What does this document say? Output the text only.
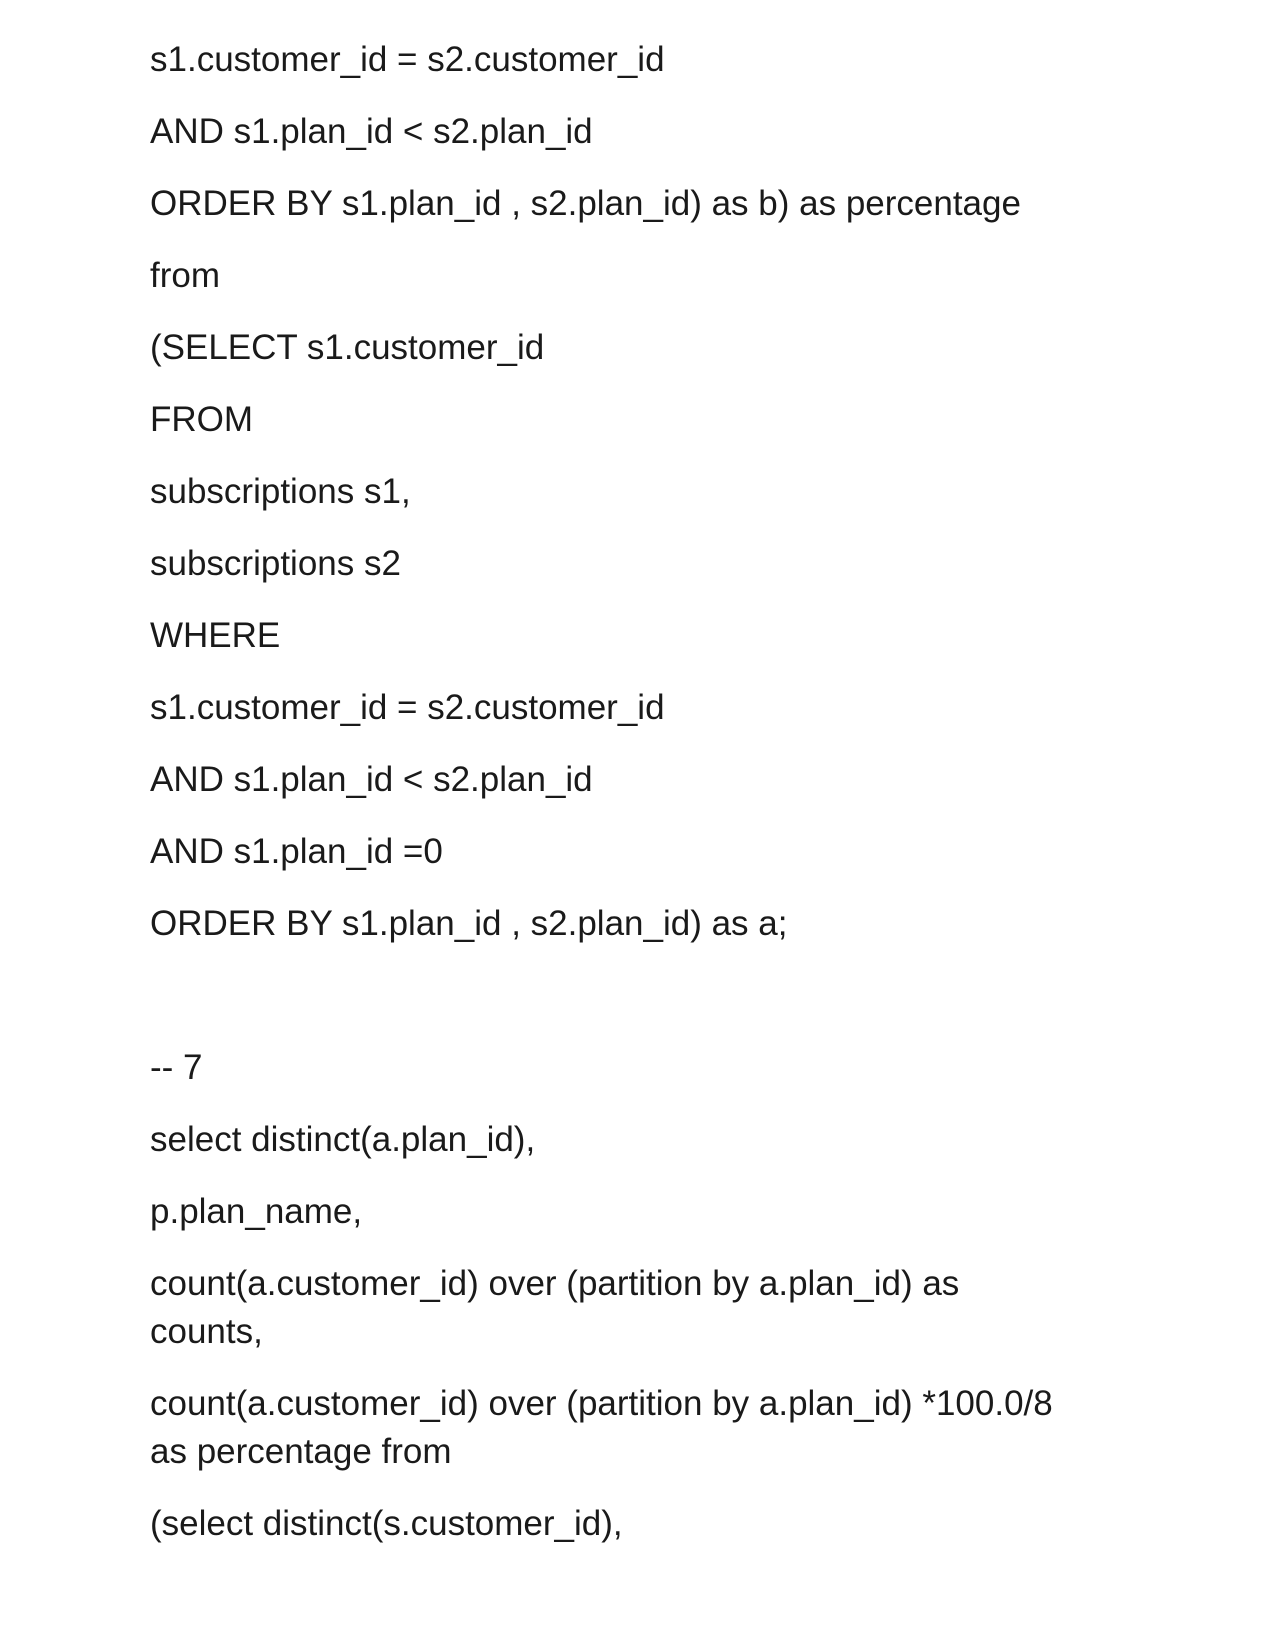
s1.customer_id = s2.customer_id

AND s1.plan_id < s2.plan_id

ORDER BY s1.plan_id , s2.plan_id) as b) as percentage

from

(SELECT s1.customer_id

FROM

subscriptions s1,

subscriptions s2

WHERE

s1.customer_id = s2.customer_id

AND s1.plan_id < s2.plan_id

AND s1.plan_id =0

ORDER BY s1.plan_id , s2.plan_id) as a;

-- 7

select distinct(a.plan_id),

p.plan_name,

count(a.customer_id) over (partition by a.plan_id) as
counts,

count(a.customer_id) over (partition by a.plan_id) *100.0/8
as percentage from

(select distinct(s.customer_id),
